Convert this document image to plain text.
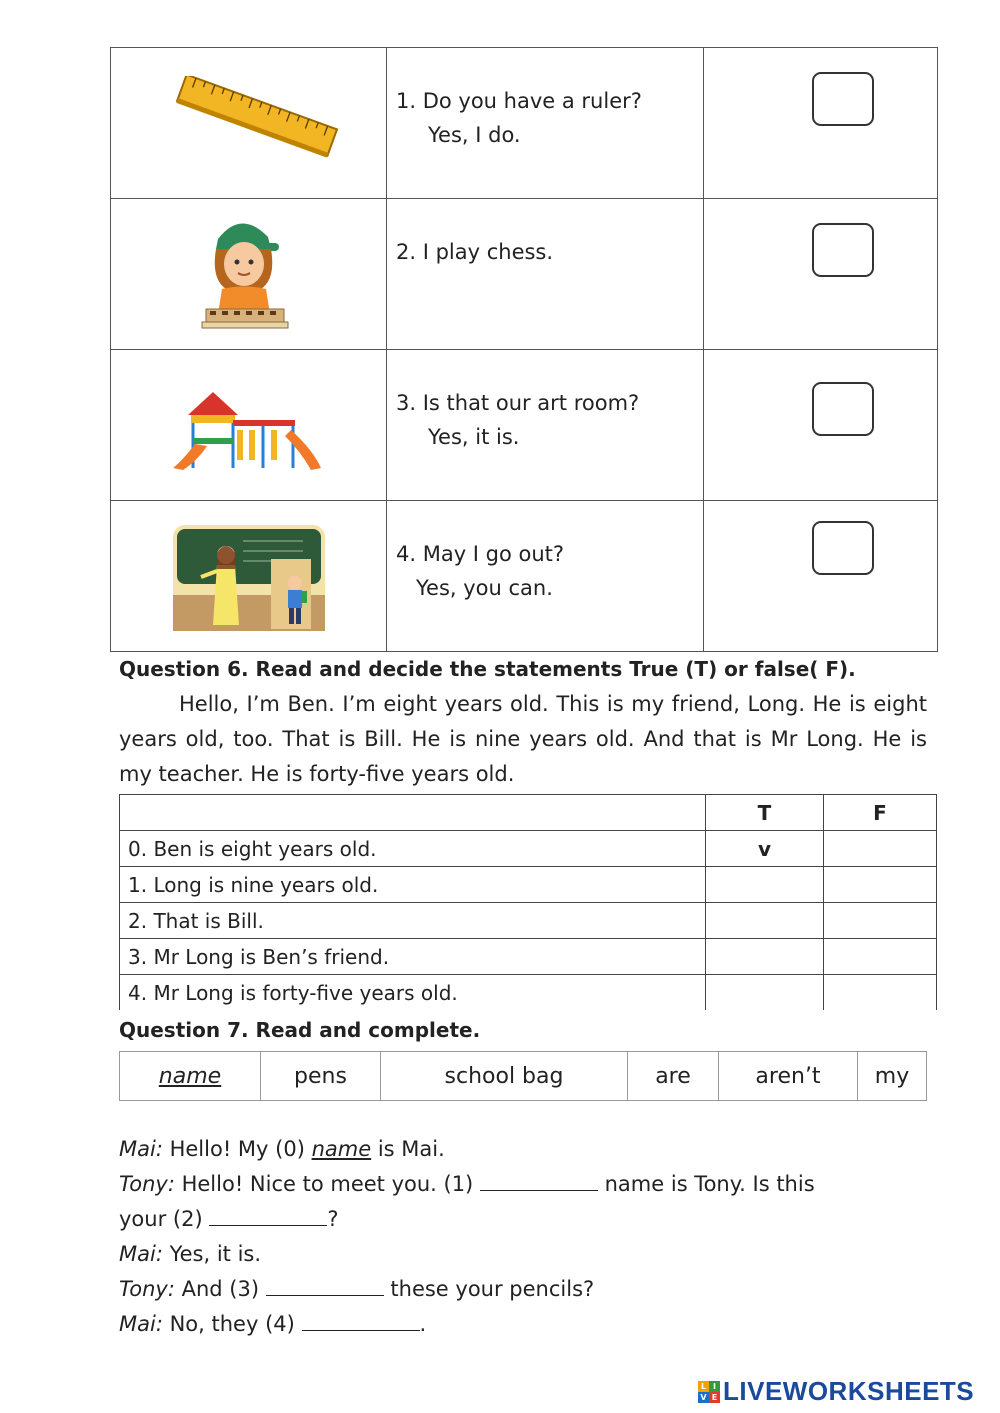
1. Do you have a ruler?
Yes, I do.	

2. I play chess.	

3. Is that our art room?
Yes, it is.	

4. May I go out?
Yes, you can.	

Question 6. Read and decide the statements True (T) or false( F).
Hello, I’m Ben. I’m eight years old. This is my friend, Long. He is eight years old, too. That is Bill. He is nine years old. And that is Mr Long. He is my teacher. He is forty-five years old.
	T	F
0. Ben is eight years old.	v	
1. Long is nine years old.		
2. That is Bill.		
3. Mr Long is Ben’s friend.		
4. Mr Long is forty-five years old.		
Question 7. Read and complete.
name	pens	school bag	are	aren’t	my
Mai: Hello! My (0) name is Mai.
Tony: Hello! Nice to meet you. (1)	name is Tony. Is this
your (2)	?
Mai: Yes, it is.
Tony: And (3)	these your pencils?
Mai: No, they (4)	.
L I
V E LIVEWORKSHEETS
